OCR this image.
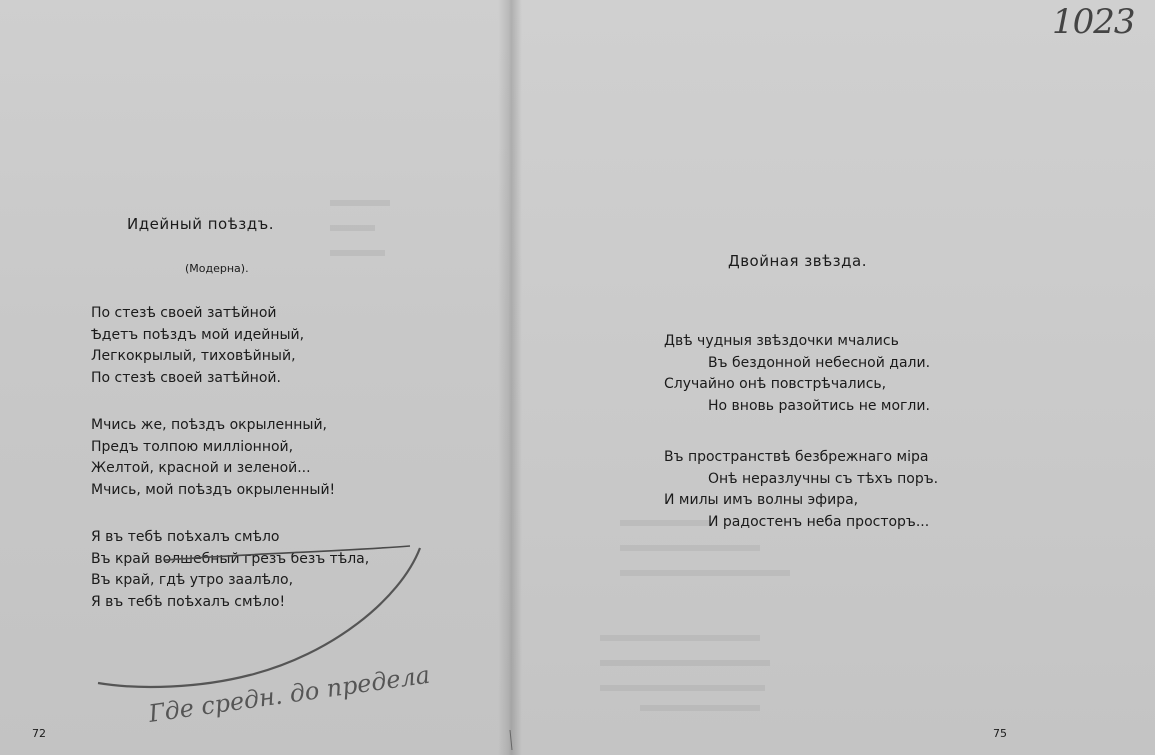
Идейный поѣздъ.
(Модерна).
По стезѣ своей затѣйной
Ѣдетъ поѣздъ мой идейный,
Легкокрылый, тиховѣйный,
По стезѣ своей затѣйной.
Мчись же, поѣздъ окрыленный,
Предъ толпою миллiонной,
Желтой, красной и зеленой...
Мчись, мой поѣздъ окрыленный!
Я въ тебѣ поѣхалъ смѣло
Въ край волшебный грезъ безъ тѣла,
Въ край, гдѣ утро заалѣло,
Я въ тебѣ поѣхалъ смѣло!
72
Двойная звѣзда.
Двѣ чудныя звѣздочки мчались
Въ бездонной небесной дали.
Случайно онѣ повстрѣчались,
Но вновь разойтись не могли.
Въ пространствѣ безбрежнаго мiра
Онѣ неразлучны съ тѣхъ поръ.
И милы имъ волны эфира,
И радостенъ неба просторъ...
75
1023
Где средн. до предела
